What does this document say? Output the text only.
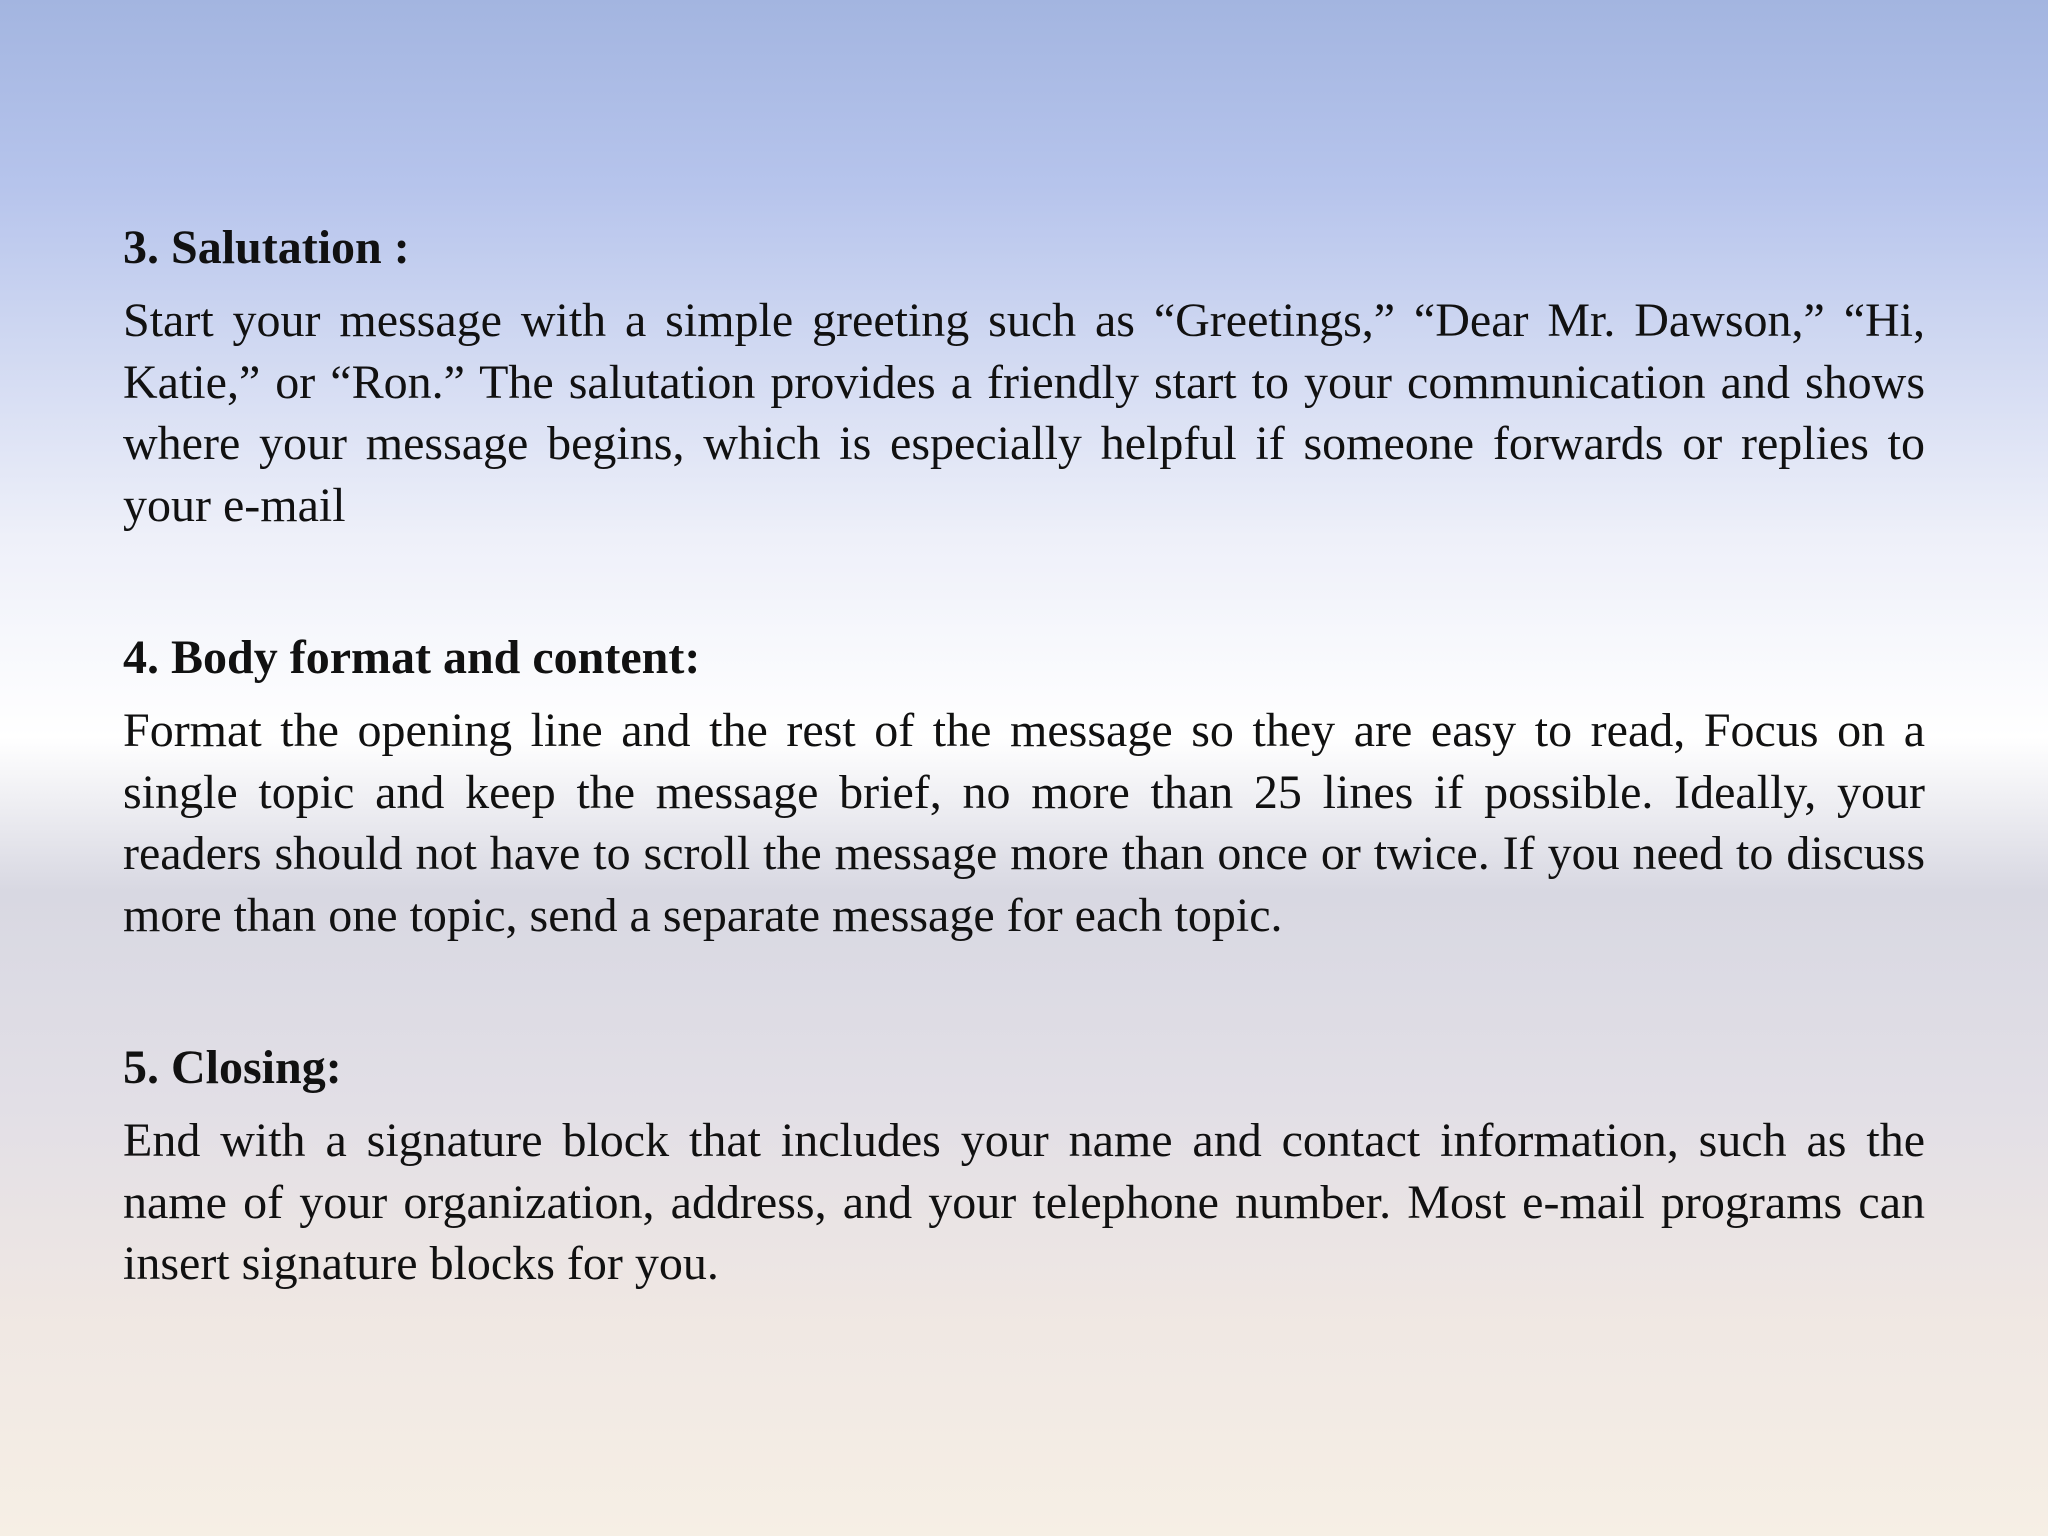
3. Salutation :

Start your message with a simple greeting such as “Greetings,” “Dear Mr. Dawson,” “Hi, Katie,” or “Ron.” The salutation provides a friendly start to your communication and shows where your message begins, which is especially helpful if someone forwards or replies to your e-mail

4. Body format and content:

Format the opening line and the rest of the message so they are easy to read, Focus on a single topic and keep the message brief, no more than 25 lines if possible. Ideally, your readers should not have to scroll the message more than once or twice. If you need to discuss more than one topic, send a separate message for each topic.

5. Closing:

End with a signature block that includes your name and contact information, such as the name of your organization, address, and your telephone number. Most e-mail programs can insert signature blocks for you.
